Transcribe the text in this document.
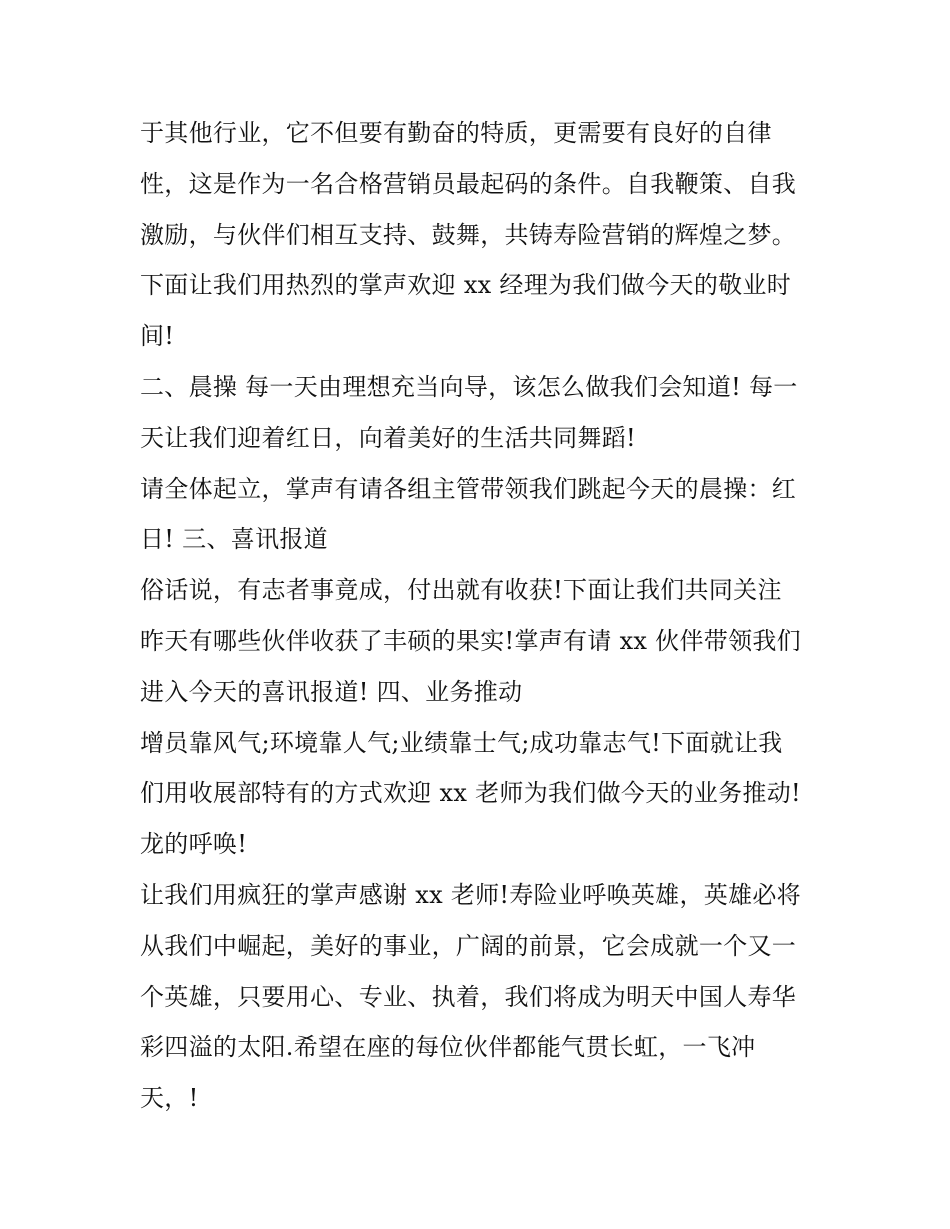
于其他行业，它不但要有勤奋的特质，更需要有良好的自律
性，这是作为一名合格营销员最起码的条件。自我鞭策、自我
激励，与伙伴们相互支持、鼓舞，共铸寿险营销的辉煌之梦。
下面让我们用热烈的掌声欢迎 xx 经理为我们做今天的敬业时
间!
二、晨操 每一天由理想充当向导，该怎么做我们会知道! 每一
天让我们迎着红日，向着美好的生活共同舞蹈!
请全体起立，掌声有请各组主管带领我们跳起今天的晨操：红
日! 三、喜讯报道
俗话说，有志者事竟成，付出就有收获!下面让我们共同关注
昨天有哪些伙伴收获了丰硕的果实!掌声有请 xx 伙伴带领我们
进入今天的喜讯报道! 四、业务推动
增员靠风气;环境靠人气;业绩靠士气;成功靠志气!下面就让我
们用收展部特有的方式欢迎 xx 老师为我们做今天的业务推动!
龙的呼唤!
让我们用疯狂的掌声感谢 xx 老师!寿险业呼唤英雄，英雄必将
从我们中崛起，美好的事业，广阔的前景，它会成就一个又一
个英雄，只要用心、专业、执着，我们将成为明天中国人寿华
彩四溢的太阳.希望在座的每位伙伴都能气贯长虹，一飞冲
天，!
